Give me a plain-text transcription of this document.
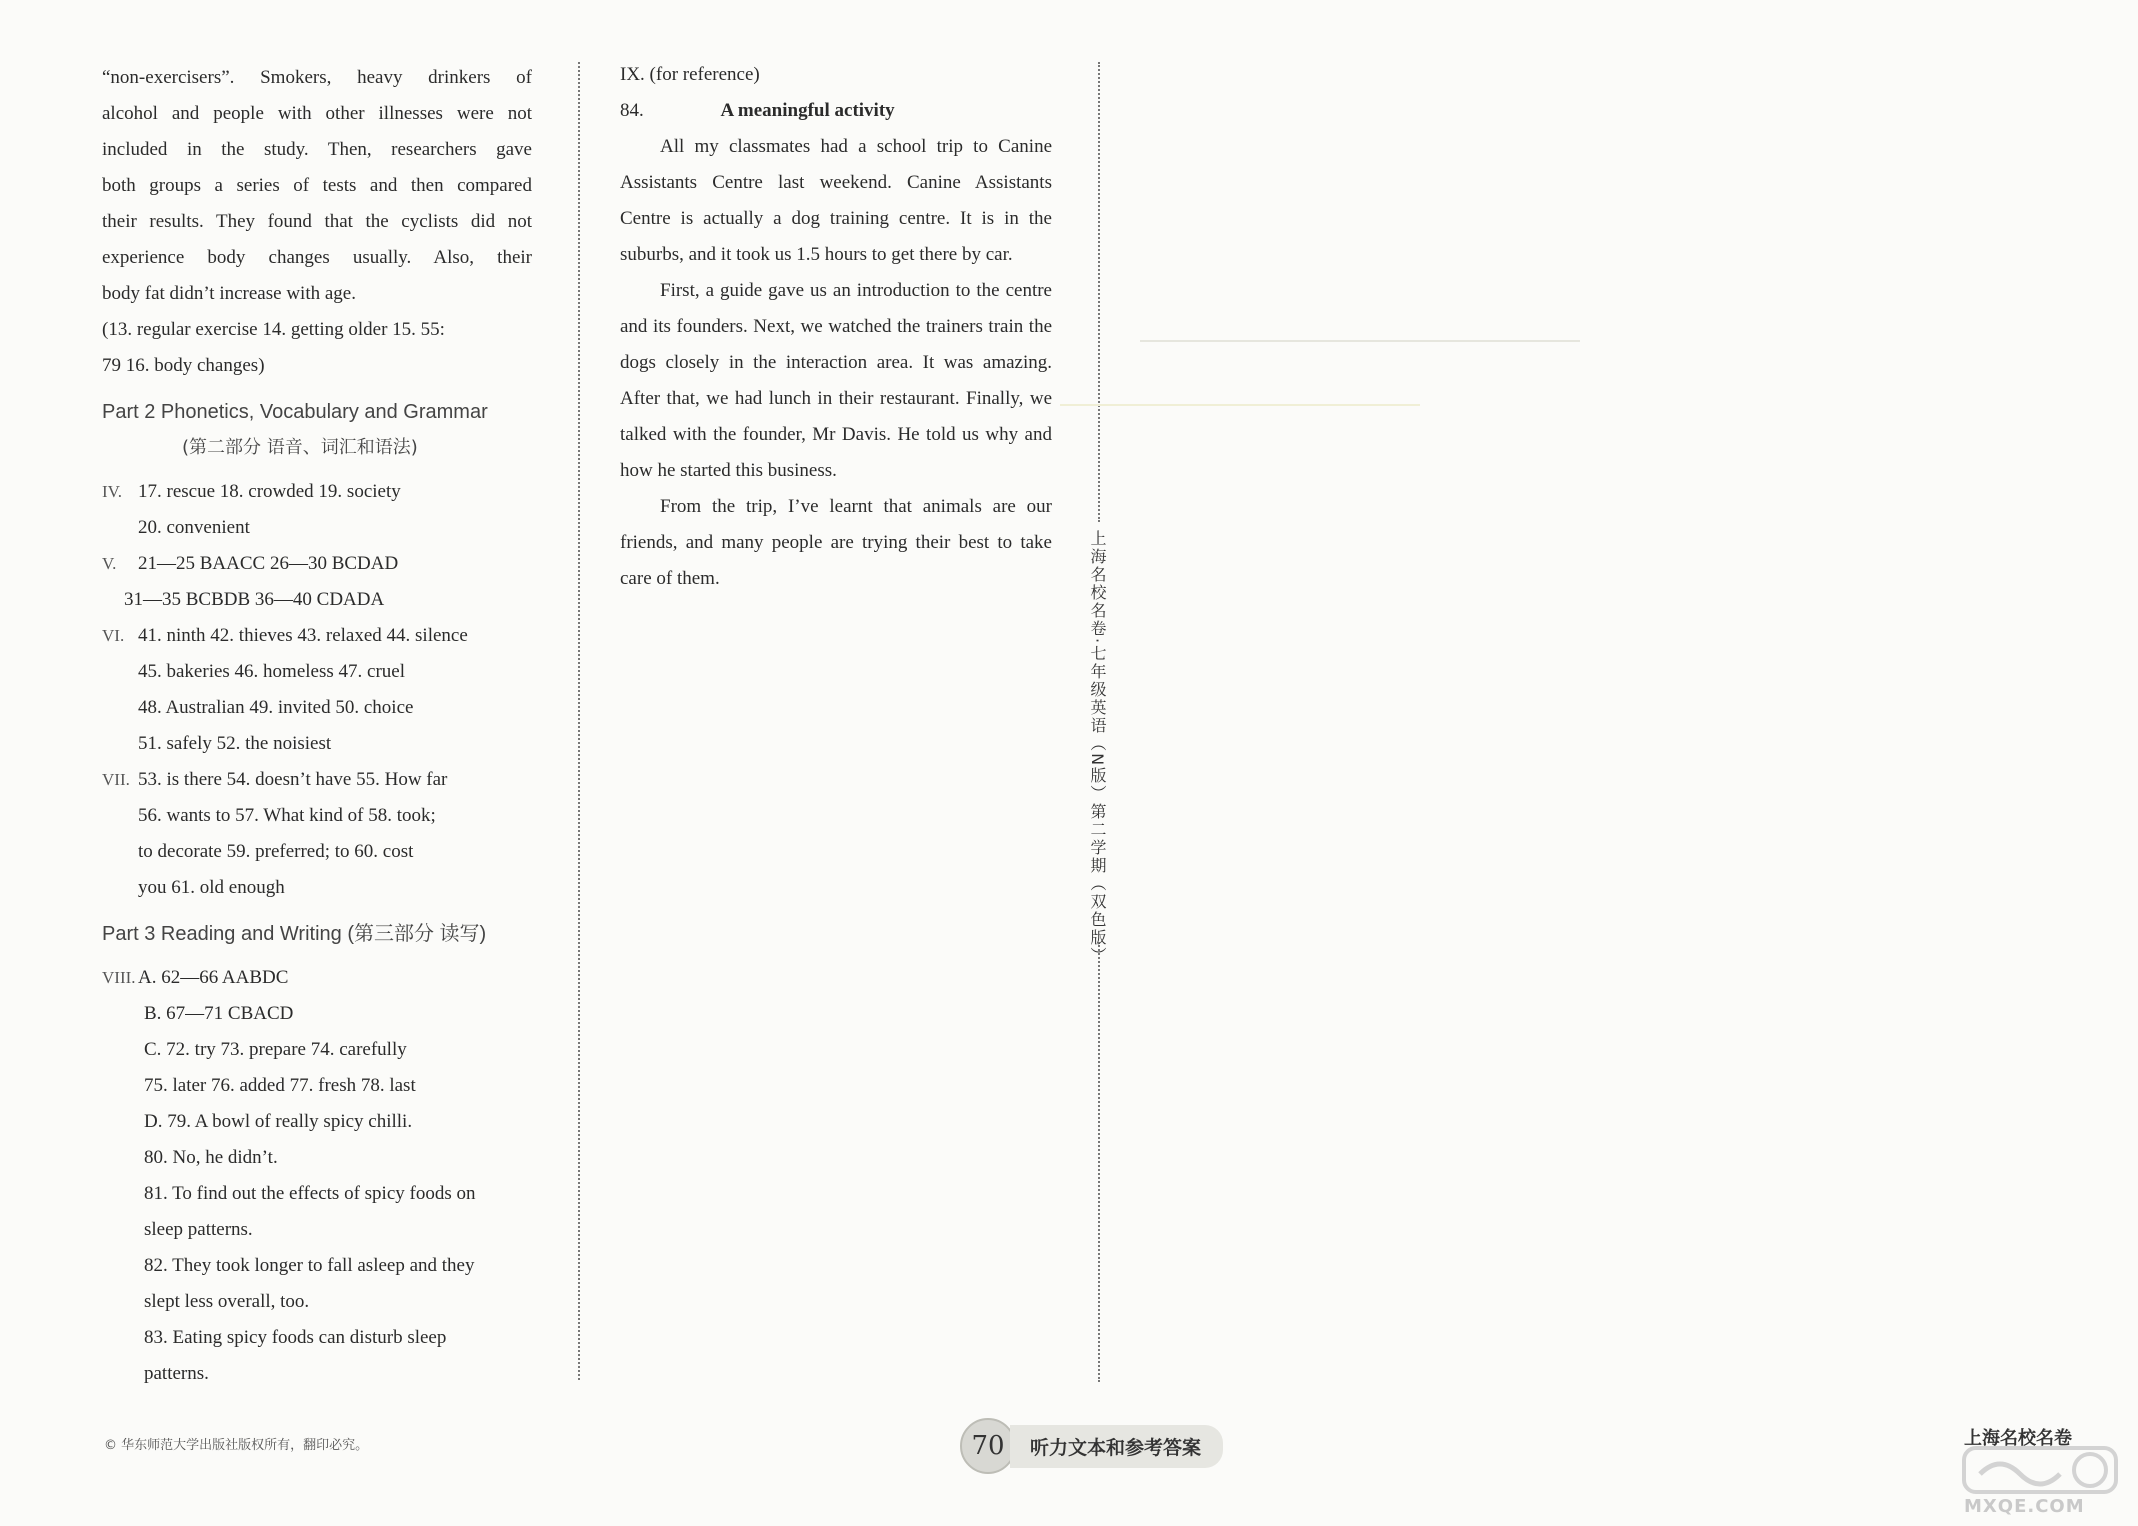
“non-exercisers”. Smokers, heavy drinkers of
alcohol and people with other illnesses were not
included in the study. Then, researchers gave
both groups a series of tests and then compared
their results. They found that the cyclists did not
experience body changes usually. Also, their
body fat didn’t increase with age.
(13. regular exercise 14. getting older 15. 55:
79 16. body changes)
Part 2 Phonetics, Vocabulary and Grammar
(第二部分 语音、词汇和语法)
IV. 17. rescue 18. crowded 19. society
20. convenient
V. 21—25 BAACC 26—30 BCDAD
31—35 BCBDB 36—40 CDADA
VI. 41. ninth 42. thieves 43. relaxed 44. silence
45. bakeries 46. homeless 47. cruel
48. Australian 49. invited 50. choice
51. safely 52. the noisiest
VII. 53. is there 54. doesn’t have 55. How far
56. wants to 57. What kind of 58. took;
to decorate 59. preferred; to 60. cost
you 61. old enough
Part 3 Reading and Writing (第三部分 读写)
VIII. A. 62—66 AABDC
B. 67—71 CBACD
C. 72. try 73. prepare 74. carefully
75. later 76. added 77. fresh 78. last
D. 79. A bowl of really spicy chilli.
80. No, he didn’t.
81. To find out the effects of spicy foods on
sleep patterns.
82. They took longer to fall asleep and they
slept less overall, too.
83. Eating spicy foods can disturb sleep
patterns.
IX. (for reference)
84.	A meaningful activity
All my classmates had a school trip to Canine Assistants Centre last weekend. Canine Assistants Centre is actually a dog training centre. It is in the suburbs, and it took us 1.5 hours to get there by car.
First, a guide gave us an introduction to the centre and its founders. Next, we watched the trainers train the dogs closely in the interaction area. It was amazing. After that, we had lunch in their restaurant. Finally, we talked with the founder, Mr Davis. He told us why and how he started this business.
From the trip, I’ve learnt that animals are our friends, and many people are trying their best to take care of them.	上海名校名卷·七年级英语（N版）第二学期（双色版）
© 华东师范大学出版社版权所有，翻印必究。	70	听力文本和参考答案	上海名校名卷
MXQE.COM
